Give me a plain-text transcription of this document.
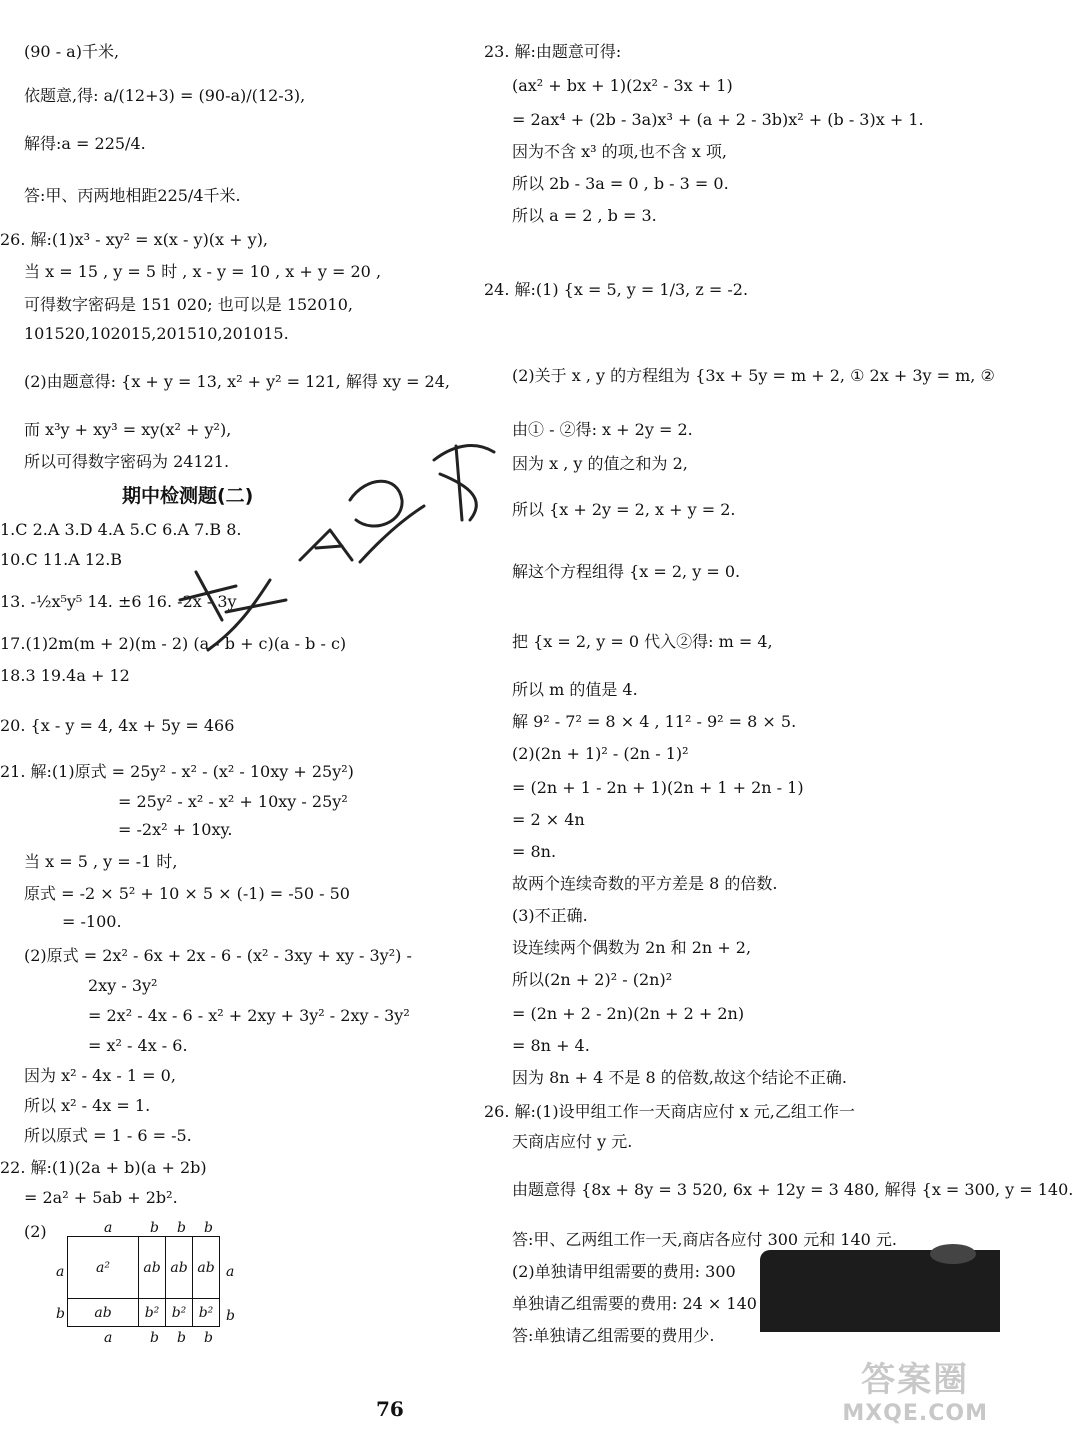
(90 - a)千米,
依题意,得: a/(12+3) = (90-a)/(12-3),
解得:a = 225/4.
答:甲、丙两地相距225/4千米.
26. 解:(1)x³ - xy² = x(x - y)(x + y),
当 x = 15 , y = 5 时 , x - y = 10 , x + y = 20 ,
可得数字密码是 151 020; 也可以是 152010,
101520,102015,201510,201015.
(2)由题意得: {x + y = 13, x² + y² = 121, 解得 xy = 24,
而 x³y + xy³ = xy(x² + y²),
所以可得数字密码为 24121.
期中检测题(二)
1.C 2.A 3.D 4.A 5.C 6.A 7.B 8.
10.C 11.A 12.B
13. -½x⁵y⁵ 14. ±6 16. -2x - 3y
17.(1)2m(m + 2)(m - 2) (a - b + c)(a - b - c)
18.3 19.4a + 12
20. {x - y = 4, 4x + 5y = 466
21. 解:(1)原式 = 25y² - x² - (x² - 10xy + 25y²)
= 25y² - x² - x² + 10xy - 25y²
= -2x² + 10xy.
当 x = 5 , y = -1 时,
原式 = -2 × 5² + 10 × 5 × (-1) = -50 - 50
= -100.
(2)原式 = 2x² - 6x + 2x - 6 - (x² - 3xy + xy - 3y²) -
2xy - 3y²
= 2x² - 4x - 6 - x² + 2xy + 3y² - 2xy - 3y²
= x² - 4x - 6.
因为 x² - 4x - 1 = 0,
所以 x² - 4x = 1.
所以原式 = 1 - 6 = -5.
22. 解:(1)(2a + b)(a + 2b)
= 2a² + 5ab + 2b².
(2)	a	b b b
a
b
a
b
a²	ab	ab	ab
ab	b²	b²	b²
a	b b b
23. 解:由题意可得:
(ax² + bx + 1)(2x² - 3x + 1)
= 2ax⁴ + (2b - 3a)x³ + (a + 2 - 3b)x² + (b - 3)x + 1.
因为不含 x³ 的项,也不含 x 项,
所以 2b - 3a = 0 , b - 3 = 0.
所以 a = 2 , b = 3.
24. 解:(1) {x = 5, y = 1/3, z = -2.
(2)关于 x , y 的方程组为 {3x + 5y = m + 2, ① 2x + 3y = m, ②
由① - ②得: x + 2y = 2.
因为 x , y 的值之和为 2,
所以 {x + 2y = 2, x + y = 2.
解这个方程组得 {x = 2, y = 0.
把 {x = 2, y = 0 代入②得: m = 4,
所以 m 的值是 4.
解 9² - 7² = 8 × 4 , 11² - 9² = 8 × 5.
(2)(2n + 1)² - (2n - 1)²
= (2n + 1 - 2n + 1)(2n + 1 + 2n - 1)
= 2 × 4n
= 8n.
故两个连续奇数的平方差是 8 的倍数.
(3)不正确.
设连续两个偶数为 2n 和 2n + 2,
所以(2n + 2)² - (2n)²
= (2n + 2 - 2n)(2n + 2 + 2n)
= 8n + 4.
因为 8n + 4 不是 8 的倍数,故这个结论不正确.
26. 解:(1)设甲组工作一天商店应付 x 元,乙组工作一
天商店应付 y 元.
由题意得 {8x + 8y = 3 520, 6x + 12y = 3 480, 解得 {x = 300, y = 140.
答:甲、乙两组工作一天,商店各应付 300 元和 140 元.
(2)单独请甲组需要的费用: 300
单独请乙组需要的费用: 24 × 140
答:单独请乙组需要的费用少.
76
答案圈
MXQE.COM
